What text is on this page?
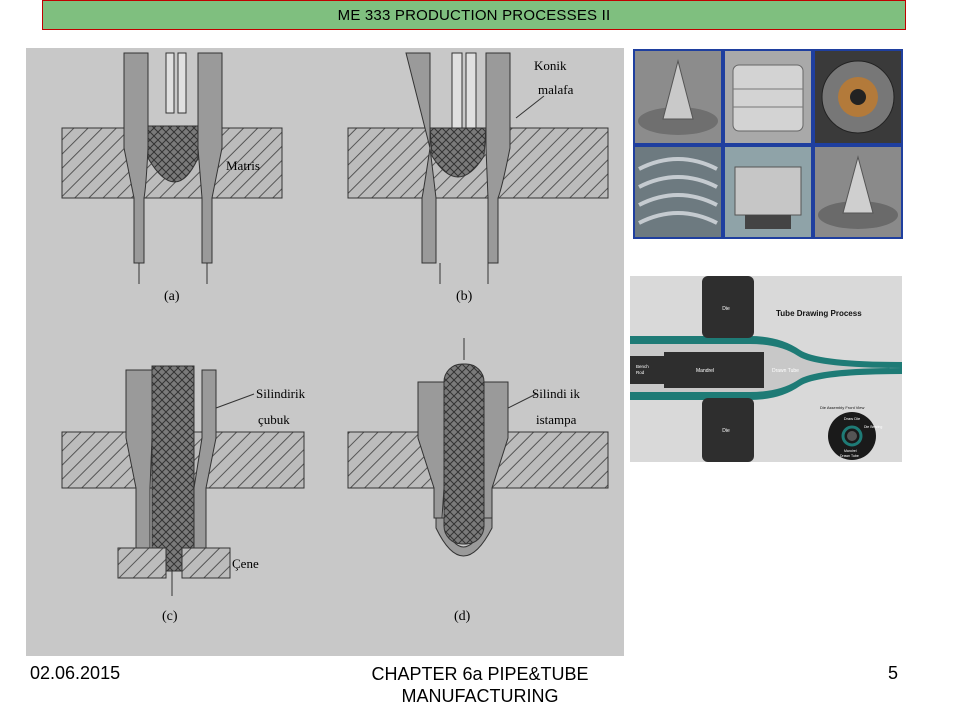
ME 333 PRODUCTION PROCESSES II
Matris
(a)
Konik
malafa
(b)
Silindirik
çubuk
Çene
(c)
Silindi ik
istampa
(d)
Die
Die
Bench
Rod	Mandrel	Drawn Tube
Tube Drawing Process
Die Assembly Front View
Draw Die
Die Bearing
Mandrel
Drawn Tube
02.06.2015	CHAPTER 6a PIPE&TUBE
MANUFACTURING
5
